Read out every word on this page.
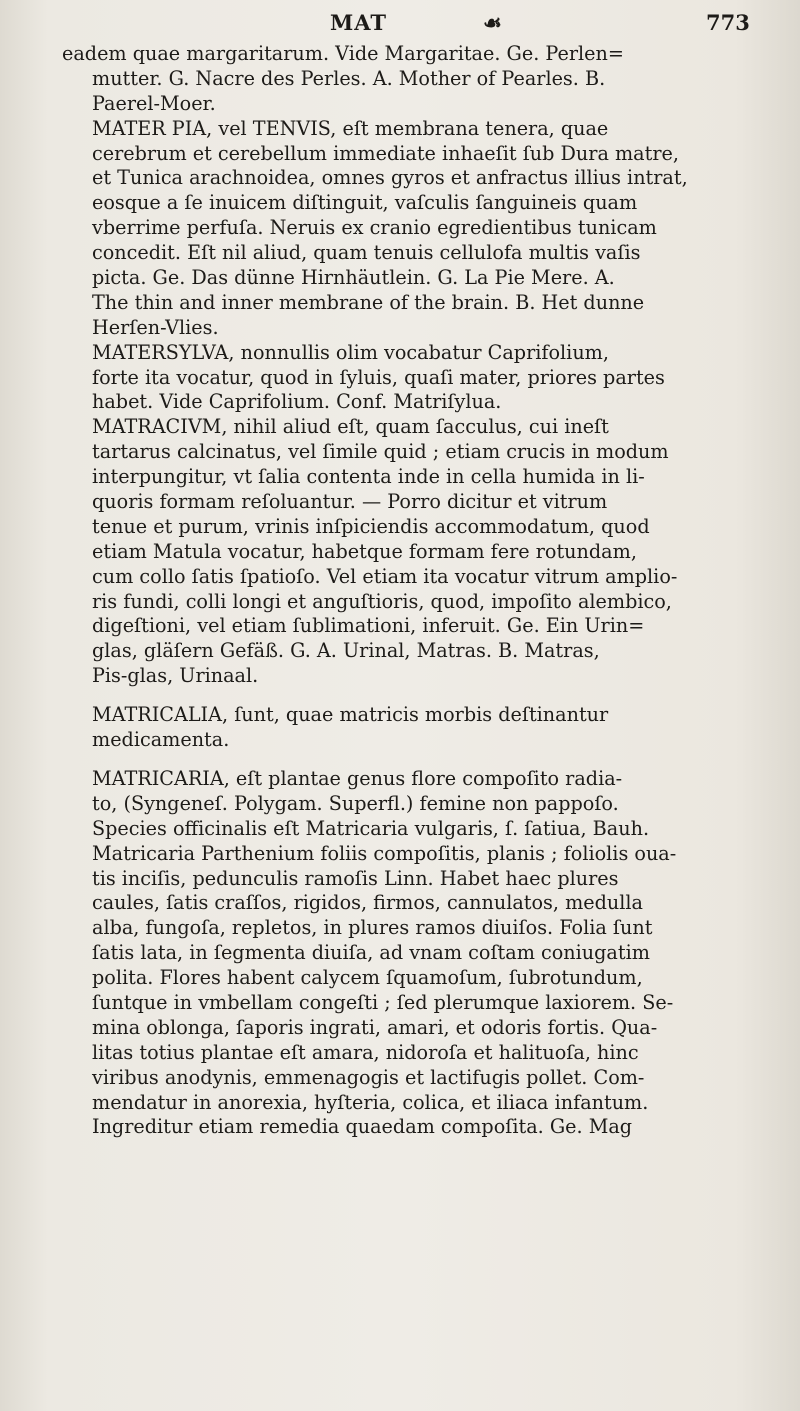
MAT	☙	773
eadem quae margaritarum. Vide Margaritae. Ge. Perlen=
mutter. G. Nacre des Perles. A. Mother of Pearles. B.
Paerel-Moer.
MATER PIA, vel TENVIS, eſt membrana tenera, quae
cerebrum et cerebellum immediate inhaeſit ſub Dura matre,
et Tunica arachnoidea, omnes gyros et anfractus illius intrat,
eosque a ſe inuicem diſtinguit, vaſculis ſanguineis quam
vberrime perfuſa. Neruis ex cranio egredientibus tunicam
concedit. Eſt nil aliud, quam tenuis cellulofa multis vaſis
picta. Ge. Das dünne Hirnhäutlein. G. La Pie Mere. A.
The thin and inner membrane of the brain. B. Het dunne
Herſen-Vlies.
MATERSYLVA, nonnullis olim vocabatur Caprifolium,
forte ita vocatur, quod in ſyluis, quaſi mater, priores partes
habet. Vide Caprifolium. Conf. Matriſylua.
MATRACIVM, nihil aliud eſt, quam ſacculus, cui ineſt
tartarus calcinatus, vel ſimile quid ; etiam crucis in modum
interpungitur, vt ſalia contenta inde in cella humida in li-
quoris formam reſoluantur. — Porro dicitur et vitrum
tenue et purum, vrinis inſpiciendis accommodatum, quod
etiam Matula vocatur, habetque formam fere rotundam,
cum collo ſatis ſpatioſo. Vel etiam ita vocatur vitrum amplio-
ris fundi, colli longi et anguſtioris, quod, impoſito alembico,
digeſtioni, vel etiam ſublimationi, inferuit. Ge. Ein Urin=
glas, gläſern Gefäß. G. A. Urinal, Matras. B. Matras,
Pis-glas, Urinaal.
MATRICALIA, ſunt, quae matricis morbis deſtinantur
medicamenta.
MATRICARIA, eſt plantae genus flore compoſito radia-
to, (Syngeneſ. Polygam. Superfl.) femine non pappoſo.
Species officinalis eſt Matricaria vulgaris, ſ. ſatiua, Bauh.
Matricaria Parthenium foliis compoſitis, planis ; foliolis oua-
tis inciſis, pedunculis ramoſis Linn. Habet haec plures
caules, ſatis craſſos, rigidos, firmos, cannulatos, medulla
alba, fungoſa, repletos, in plures ramos diuiſos. Folia ſunt
ſatis lata, in ſegmenta diuiſa, ad vnam coſtam coniugatim
polita. Flores habent calycem ſquamoſum, ſubrotundum,
ſuntque in vmbellam congeſti ; ſed plerumque laxiorem. Se-
mina oblonga, ſaporis ingrati, amari, et odoris fortis. Qua-
litas totius plantae eſt amara, nidoroſa et halituoſa, hinc
viribus anodynis, emmenagogis et lactifugis pollet. Com-
mendatur in anorexia, hyſteria, colica, et iliaca infantum.
Ingreditur etiam remedia quaedam compoſita. Ge. Mag
